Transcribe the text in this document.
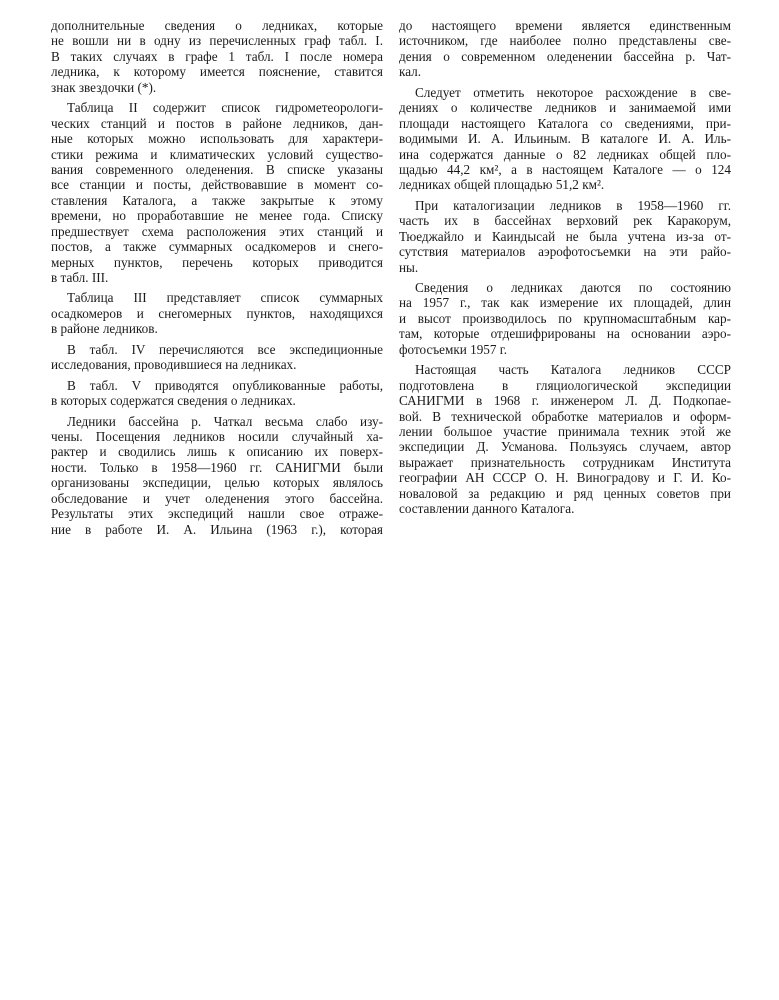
дополнительные сведения о ледниках, которые
не вошли ни в одну из перечисленных граф табл. I.
В таких случаях в графе 1 табл. I после номера
ледника, к которому имеется пояснение, ставится
знак звездочки (*).
Таблица II содержит список гидрометеорологи-
ческих станций и постов в районе ледников, дан-
ные которых можно использовать для характери-
стики режима и климатических условий существо-
вания современного оледенения. В списке указаны
все станции и посты, действовавшие в момент со-
ставления Каталога, а также закрытые к этому
времени, но проработавшие не менее года. Списку
предшествует схема расположения этих станций и
постов, а также суммарных осадкомеров и снего-
мерных пунктов, перечень которых приводится
в табл. III.
Таблица III представляет список суммарных
осадкомеров и снегомерных пунктов, находящихся
в районе ледников.
В табл. IV перечисляются все экспедиционные
исследования, проводившиеся на ледниках.
В табл. V приводятся опубликованные работы,
в которых содержатся сведения о ледниках.
Ледники бассейна р. Чаткал весьма слабо изу-
чены. Посещения ледников носили случайный ха-
рактер и сводились лишь к описанию их поверх-
ности. Только в 1958—1960 гг. САНИГМИ были
организованы экспедиции, целью которых являлось
обследование и учет оледенения этого бассейна.
Результаты этих экспедиций нашли свое отраже-
ние в работе И. А. Ильина (1963 г.), которая
до настоящего времени является единственным
источником, где наиболее полно представлены све-
дения о современном оледенении бассейна р. Чат-
кал.
Следует отметить некоторое расхождение в све-
дениях о количестве ледников и занимаемой ими
площади настоящего Каталога со сведениями, при-
водимыми И. А. Ильиным. В каталоге И. А. Иль-
ина содержатся данные о 82 ледниках общей пло-
щадью 44,2 км², а в настоящем Каталоге — о 124
ледниках общей площадью 51,2 км².
При каталогизации ледников в 1958—1960 гг.
часть их в бассейнах верховий рек Каракорум,
Тюеджайло и Каиндысай не была учтена из-за от-
сутствия материалов аэрофотосъемки на эти райо-
ны.
Сведения о ледниках даются по состоянию
на 1957 г., так как измерение их площадей, длин
и высот производилось по крупномасштабным кар-
там, которые отдешифрированы на основании аэро-
фотосъемки 1957 г.
Настоящая часть Каталога ледников СССР
подготовлена в гляциологической экспедиции
САНИГМИ в 1968 г. инженером Л. Д. Подкопае-
вой. В технической обработке материалов и оформ-
лении большое участие принимала техник этой же
экспедиции Д. Усманова. Пользуясь случаем, автор
выражает признательность сотрудникам Института
географии АН СССР О. Н. Виноградову и Г. И. Ко-
новаловой за редакцию и ряд ценных советов при
составлении данного Каталога.
